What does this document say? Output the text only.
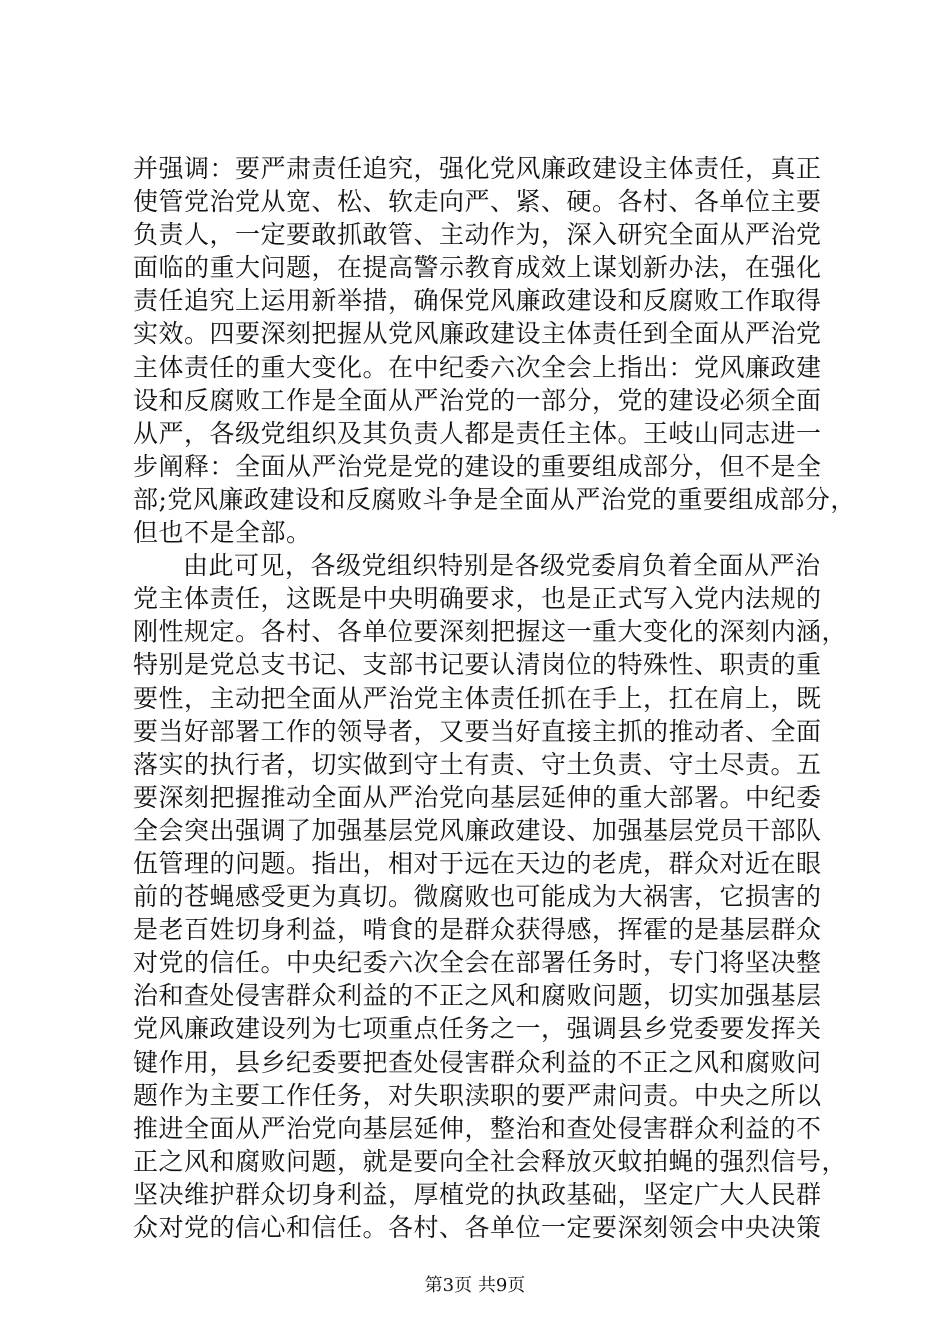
并强调：要严肃责任追究，强化党风廉政建设主体责任，真正
使管党治党从宽、松、软走向严、紧、硬。各村、各单位主要
负责人，一定要敢抓敢管、主动作为，深入研究全面从严治党
面临的重大问题，在提高警示教育成效上谋划新办法，在强化
责任追究上运用新举措，确保党风廉政建设和反腐败工作取得
实效。四要深刻把握从党风廉政建设主体责任到全面从严治党
主体责任的重大变化。在中纪委六次全会上指出：党风廉政建
设和反腐败工作是全面从严治党的一部分，党的建设必须全面
从严，各级党组织及其负责人都是责任主体。王岐山同志进一
步阐释：全面从严治党是党的建设的重要组成部分，但不是全
部;党风廉政建设和反腐败斗争是全面从严治党的重要组成部分，
但也不是全部。
由此可见，各级党组织特别是各级党委肩负着全面从严治
党主体责任，这既是中央明确要求，也是正式写入党内法规的
刚性规定。各村、各单位要深刻把握这一重大变化的深刻内涵，
特别是党总支书记、支部书记要认清岗位的特殊性、职责的重
要性，主动把全面从严治党主体责任抓在手上，扛在肩上，既
要当好部署工作的领导者，又要当好直接主抓的推动者、全面
落实的执行者，切实做到守土有责、守土负责、守土尽责。五
要深刻把握推动全面从严治党向基层延伸的重大部署。中纪委
全会突出强调了加强基层党风廉政建设、加强基层党员干部队
伍管理的问题。指出，相对于远在天边的老虎，群众对近在眼
前的苍蝇感受更为真切。微腐败也可能成为大祸害，它损害的
是老百姓切身利益，啃食的是群众获得感，挥霍的是基层群众
对党的信任。中央纪委六次全会在部署任务时，专门将坚决整
治和查处侵害群众利益的不正之风和腐败问题，切实加强基层
党风廉政建设列为七项重点任务之一，强调县乡党委要发挥关
键作用，县乡纪委要把查处侵害群众利益的不正之风和腐败问
题作为主要工作任务，对失职渎职的要严肃问责。中央之所以
推进全面从严治党向基层延伸，整治和查处侵害群众利益的不
正之风和腐败问题，就是要向全社会释放灭蚊拍蝇的强烈信号，
坚决维护群众切身利益，厚植党的执政基础，坚定广大人民群
众对党的信心和信任。各村、各单位一定要深刻领会中央决策
第3页 共9页
